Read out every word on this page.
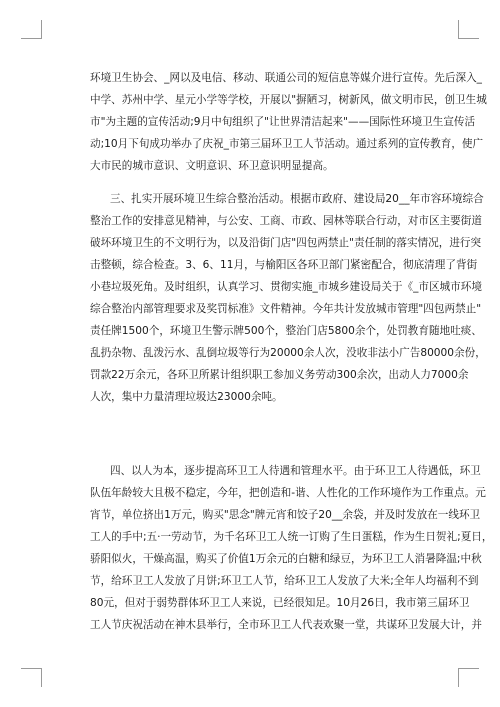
环境卫生协会、_网以及电信、移动、联通公司的短信息等媒介进行宣传。先后深入_
中学、苏州中学、星元小学等学校，开展以"摒陋习，树新风，做文明市民，创卫生城
市"为主题的宣传活动;9月中旬组织了"让世界清洁起来"——国际性环境卫生宣传活
动;10月下旬成功举办了庆祝_市第三届环卫工人节活动。通过系列的宣传教育，使广
大市民的城市意识、文明意识、环卫意识明显提高。
三、扎实开展环境卫生综合整治活动。根据市政府、建设局20__年市容环境综合
整治工作的安排意见精神，与公安、工商、市政、园林等联合行动，对市区主要街道
破坏环境卫生的不文明行为，以及沿街门店"四包两禁止"责任制的落实情况，进行突
击整顿，综合检查。3、6、11月，与榆阳区各环卫部门紧密配合，彻底清理了背街
小巷垃圾死角。及时组织，认真学习、贯彻实施_市城乡建设局关于《_市区城市环境
综合整治内部管理要求及奖罚标准》文件精神。今年共计发放城市管理"四包两禁止"
责任牌1500个，环境卫生警示牌500个，整治门店5800余个，处罚教育随地吐痰、
乱扔杂物、乱泼污水、乱倒垃圾等行为20000余人次，没收非法小广告80000余份，
罚款22万余元，各环卫所累计组织职工参加义务劳动300余次，出动人力7000余
人次，集中力量清理垃圾达23000余吨。
四、以人为本，逐步提高环卫工人待遇和管理水平。由于环卫工人待遇低，环卫
队伍年龄较大且极不稳定，今年，把创造和-谐、人性化的工作环境作为工作重点。元
宵节，单位挤出1万元，购买"思念"牌元宵和饺子20__余袋，并及时发放在一线环卫
工人的手中;五·一劳动节，为千名环卫工人统一订购了生日蛋糕，作为生日贺礼;夏日，
骄阳似火，干燥高温，购买了价值1万余元的白糖和绿豆，为环卫工人消暑降温;中秋
节，给环卫工人发放了月饼;环卫工人节，给环卫工人发放了大米;全年人均福利不到
80元，但对于弱势群体环卫工人来说，已经很知足。10月26日，我市第三届环卫
工人节庆祝活动在神木县举行，全市环卫工人代表欢聚一堂，共谋环卫发展大计，并
